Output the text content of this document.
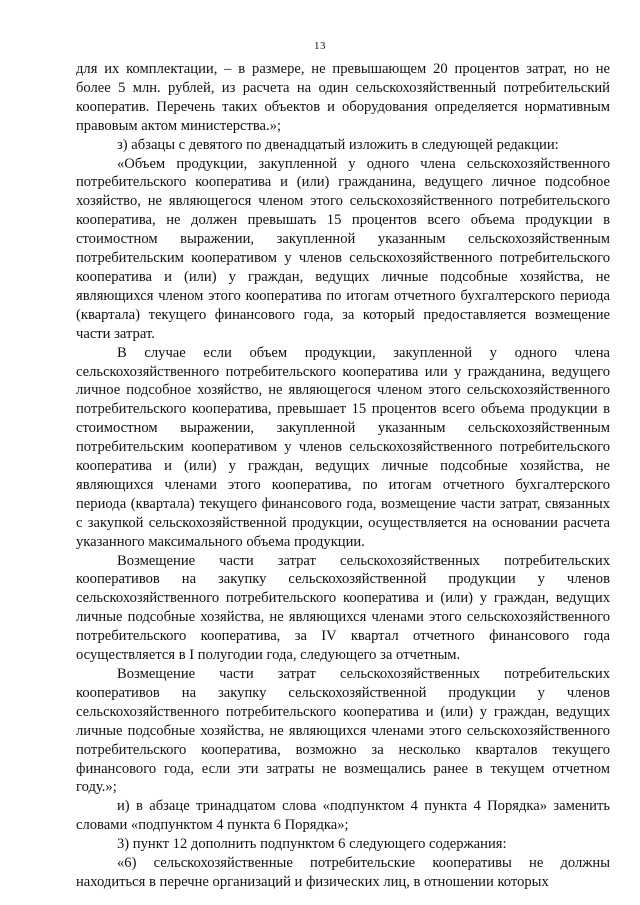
13

для их комплектации, – в размере, не превышающем 20 процентов затрат, но не более 5 млн. рублей, из расчета на один сельскохозяйственный потребительский кооператив. Перечень таких объектов и оборудования определяется нормативным правовым актом министерства.»;

з) абзацы с девятого по двенадцатый изложить в следующей редакции:

«Объем продукции, закупленной у одного члена сельскохозяйственного потребительского кооператива и (или) гражданина, ведущего личное подсобное хозяйство, не являющегося членом этого сельскохозяйственного потребительского кооператива, не должен превышать 15 процентов всего объема продукции в стоимостном выражении, закупленной указанным сельскохозяйственным потребительским кооперативом у членов сельскохозяйственного потребительского кооператива и (или) у граждан, ведущих личные подсобные хозяйства, не являющихся членом этого кооператива по итогам отчетного бухгалтерского периода (квартала) текущего финансового года, за который предоставляется возмещение части затрат.

В случае если объем продукции, закупленной у одного члена сельскохозяйственного потребительского кооператива или у гражданина, ведущего личное подсобное хозяйство, не являющегося членом этого сельскохозяйственного потребительского кооператива, превышает 15 процентов всего объема продукции в стоимостном выражении, закупленной указанным сельскохозяйственным потребительским кооперативом у членов сельскохозяйственного потребительского кооператива и (или) у граждан, ведущих личные подсобные хозяйства, не являющихся членами этого кооператива, по итогам отчетного бухгалтерского периода (квартала) текущего финансового года, возмещение части затрат, связанных с закупкой сельскохозяйственной продукции, осуществляется на основании расчета указанного максимального объема продукции.

Возмещение части затрат сельскохозяйственных потребительских кооперативов на закупку сельскохозяйственной продукции у членов сельскохозяйственного потребительского кооператива и (или) у граждан, ведущих личные подсобные хозяйства, не являющихся членами этого сельскохозяйственного потребительского кооператива, за IV квартал отчетного финансового года осуществляется в I полугодии года, следующего за отчетным.

Возмещение части затрат сельскохозяйственных потребительских кооперативов на закупку сельскохозяйственной продукции у членов сельскохозяйственного потребительского кооператива и (или) у граждан, ведущих личные подсобные хозяйства, не являющихся членами этого сельскохозяйственного потребительского кооператива, возможно за несколько кварталов текущего финансового года, если эти затраты не возмещались ранее в текущем отчетном году.»;

и) в абзаце тринадцатом слова «подпунктом 4 пункта 4 Порядка» заменить словами «подпунктом 4 пункта 6 Порядка»;

3) пункт 12 дополнить подпунктом 6 следующего содержания:

«6) сельскохозяйственные потребительские кооперативы не должны находиться в перечне организаций и физических лиц, в отношении которых
